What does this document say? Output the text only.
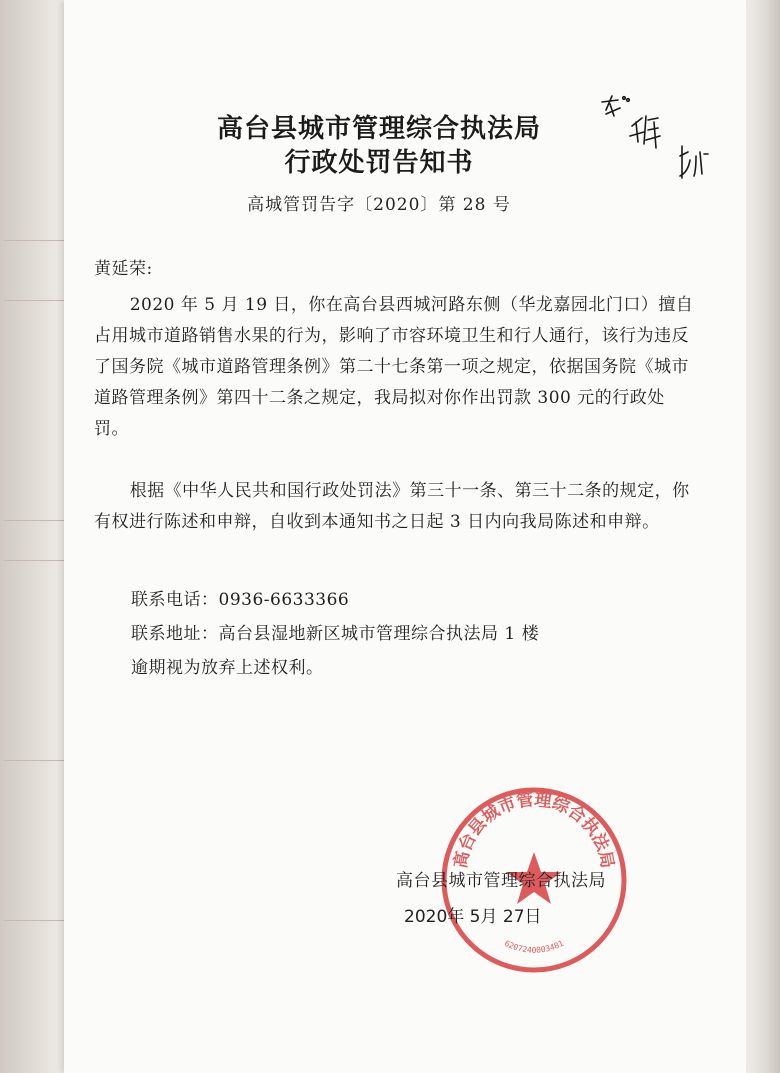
高台县城市管理综合执法局
行政处罚告知书
高城管罚告字〔2020〕第 28 号
黄延荣:
2020 年 5 月 19 日，你在高台县西城河路东侧（华龙嘉园北门口）擅自占用城市道路销售水果的行为，影响了市容环境卫生和行人通行，该行为违反了国务院《城市道路管理条例》第二十七条第一项之规定，依据国务院《城市道路管理条例》第四十二条之规定，我局拟对你作出罚款 300 元的行政处罚。
根据《中华人民共和国行政处罚法》第三十一条、第三十二条的规定，你有权进行陈述和申辩，自收到本通知书之日起 3 日内向我局陈述和申辩。
联系电话：0936-6633366
联系地址：高台县湿地新区城市管理综合执法局 1 楼
逾期视为放弃上述权利。
高台县城市管理综合执法局
6207240003481
高台县城市管理综合执法局
2020年 5月 27日
